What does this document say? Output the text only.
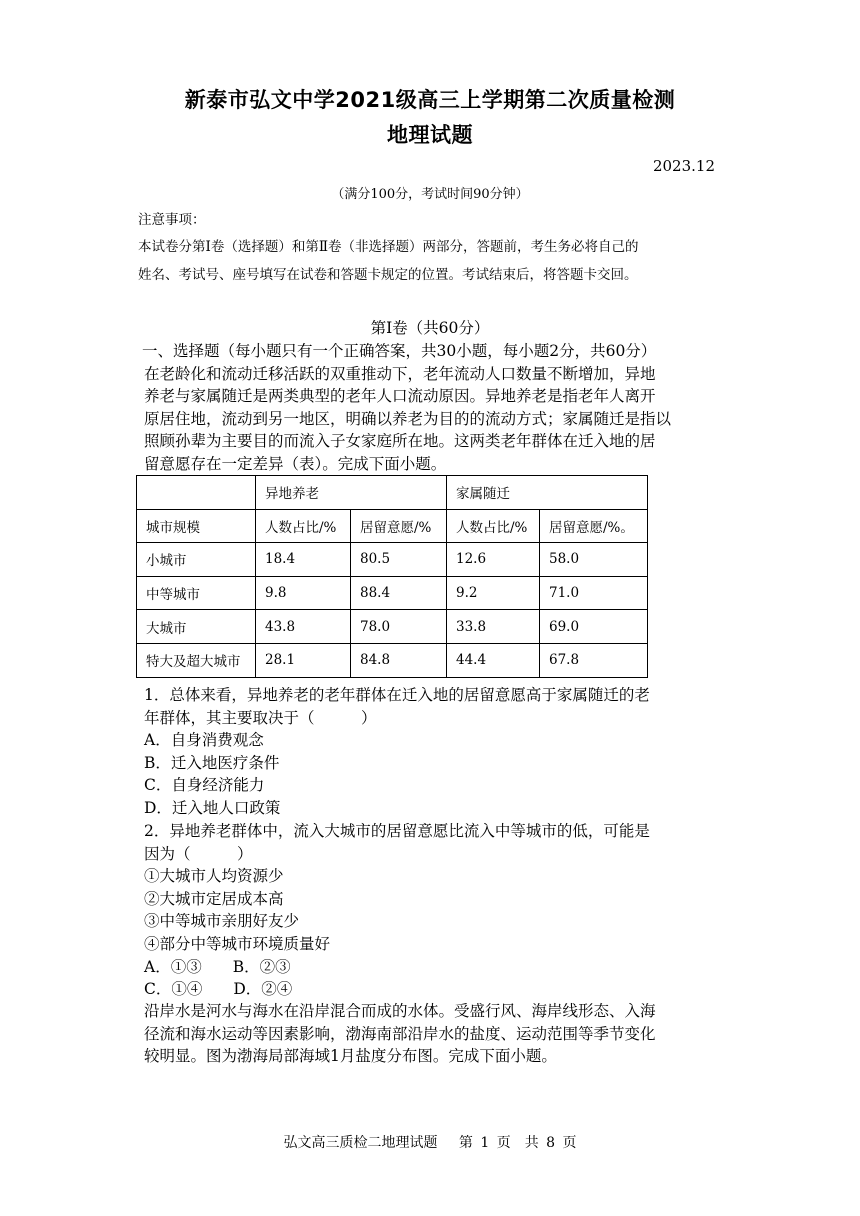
新泰市弘文中学2021级高三上学期第二次质量检测
地理试题
2023.12
（满分100分，考试时间90分钟）
注意事项：
本试卷分第Ⅰ卷（选择题）和第Ⅱ卷（非选择题）两部分，答题前，考生务必将自己的
姓名、考试号、座号填写在试卷和答题卡规定的位置。考试结束后，将答题卡交回。
第Ⅰ卷（共60分）

一、选择题（每小题只有一个正确答案，共30小题，每小题2分，共60分）

在老龄化和流动迁移活跃的双重推动下，老年流动人口数量不断增加，异地

养老与家属随迁是两类典型的老年人口流动原因。异地养老是指老年人离开

原居住地，流动到另一地区，明确以养老为目的的流动方式；家属随迁是指以

照顾孙辈为主要目的而流入子女家庭所在地。这两类老年群体在迁入地的居

留意愿存在一定差异（表）。完成下面小题。

	异地养老		家属随迁	
城市规模	人数占比/%	居留意愿/%	人数占比/%	居留意愿/%。
小城市	18.4	80.5	12.6	58.0
中等城市	9.8	88.4	9.2	71.0
大城市	43.8	78.0	33.8	69.0
特大及超大城市	28.1	84.8	44.4	67.8

1．总体来看，异地养老的老年群体在迁入地的居留意愿高于家属随迁的老

年群体，其主要取决于（　　　）

A．自身消费观念

B．迁入地医疗条件

C．自身经济能力

D．迁入地人口政策

2．异地养老群体中，流入大城市的居留意愿比流入中等城市的低，可能是

因为（　　　）

①大城市人均资源少

②大城市定居成本高

③中等城市亲朋好友少

④部分中等城市环境质量好

A．①③　　B．②③

C．①④　　D．②④

沿岸水是河水与海水在沿岸混合而成的水体。受盛行风、海岸线形态、入海

径流和海水运动等因素影响，渤海南部沿岸水的盐度、运动范围等季节变化

较明显。图为渤海局部海域1月盐度分布图。完成下面小题。

弘文高三质检二地理试题　 第 1 页　共 8 页
